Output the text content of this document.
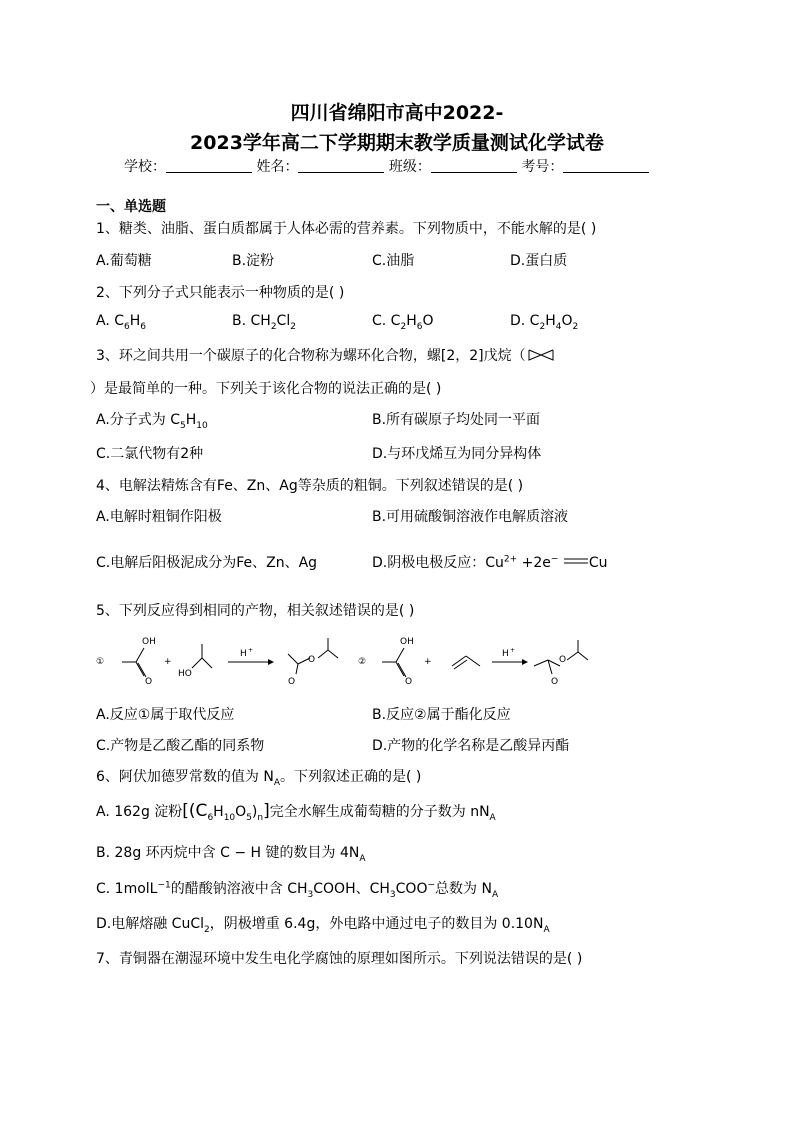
四川省绵阳市高中2022-
2023学年高二下学期期末教学质量测试化学试卷
学校：	姓名：	班级：	考号：
一、单选题
1、糖类、油脂、蛋白质都属于人体必需的营养素。下列物质中，不能水解的是( )
A.葡萄糖	B.淀粉	C.油脂	D.蛋白质
2、下列分子式只能表示一种物质的是( )
A. $C_6H_6$	B. $CH_2Cl_2$	C. $C_2H_6O$	D. $C_2H_4O_2$
3、环之间共用一个碳原子的化合物称为螺环化合物，螺[2，2]戊烷（
）是最简单的一种。下列关于该化合物的说法正确的是( )
A.分子式为 $C_5H_{10}$	B.所有碳原子均处同一平面
C.二氯代物有2种	D.与环戊烯互为同分异构体
4、电解法精炼含有Fe、Zn、Ag等杂质的粗铜。下列叙述错误的是( )
A.电解时粗铜作阳极	B.可用硫酸铜溶液作电解质溶液
C.电解后阳极泥成分为Fe、Zn、Ag	D.阴极电极反应：$Cu^{2+} +2e^-$ Cu
5、下列反应得到相同的产物，相关叙述错误的是( )
①
OH
O
+
HO
H +
O
O
②
OH
O
+
H +
O
O
A.反应①属于取代反应	B.反应②属于酯化反应
C.产物是乙酸乙酯的同系物	D.产物的化学名称是乙酸异丙酯
6、阿伏加德罗常数的值为 $N_A$。下列叙述正确的是( )
A. 162g 淀粉$[(C_6H_{10}O_5)_n]$完全水解生成葡萄糖的分子数为 $nN_A$
B. 28g 环丙烷中含 C − H 键的数目为 $4N_A$
C. 1molL$^{-1}$的醋酸钠溶液中含 $CH_3COOH$、$CH_3COO^-$总数为 $N_A$
D.电解熔融 CuCl$_2$，阴极增重 6.4g，外电路中通过电子的数目为 $0.10N_A$
7、青铜器在潮湿环境中发生电化学腐蚀的原理如图所示。下列说法错误的是( )
